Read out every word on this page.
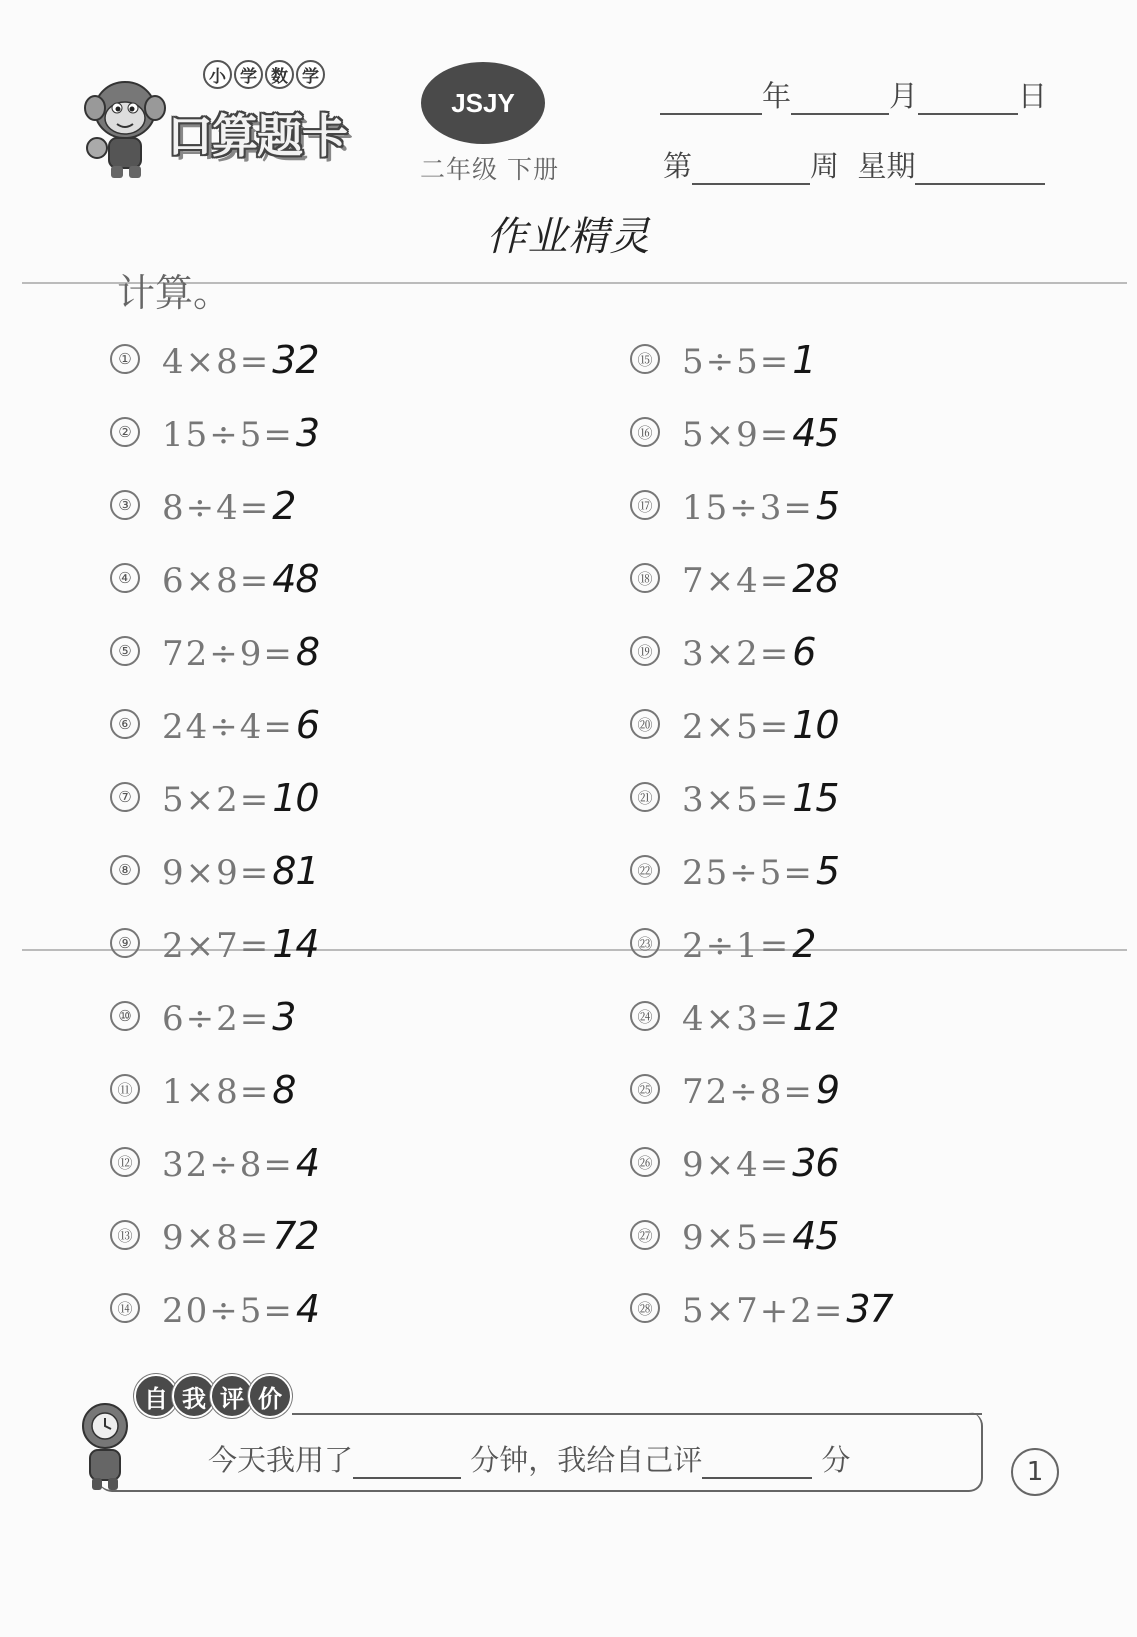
小 学 数 学
口算题卡
JSJY
二年级 下册
年	月	日
第	周 星期
作业精灵
计算。
① 4×8=32
② 15÷5=3
③ 8÷4=2
④ 6×8=48
⑤ 72÷9=8
⑥ 24÷4=6
⑦ 5×2=10
⑧ 9×9=81
⑨ 2×7=14
⑩ 6÷2=3
⑪ 1×8=8
⑫ 32÷8=4
⑬ 9×8=72
⑭ 20÷5=4
⑮ 5÷5=1
⑯ 5×9=45
⑰ 15÷3=5
⑱ 7×4=28
⑲ 3×2=6
⑳ 2×5=10
㉑ 3×5=15
㉒ 25÷5=5
㉓ 2÷1=2
㉔ 4×3=12
㉕ 72÷8=9
㉖ 9×4=36
㉗ 9×5=45
㉘ 5×7+2=37
自 我 评 价
今天我用了	分钟，我给自己评	分	1
